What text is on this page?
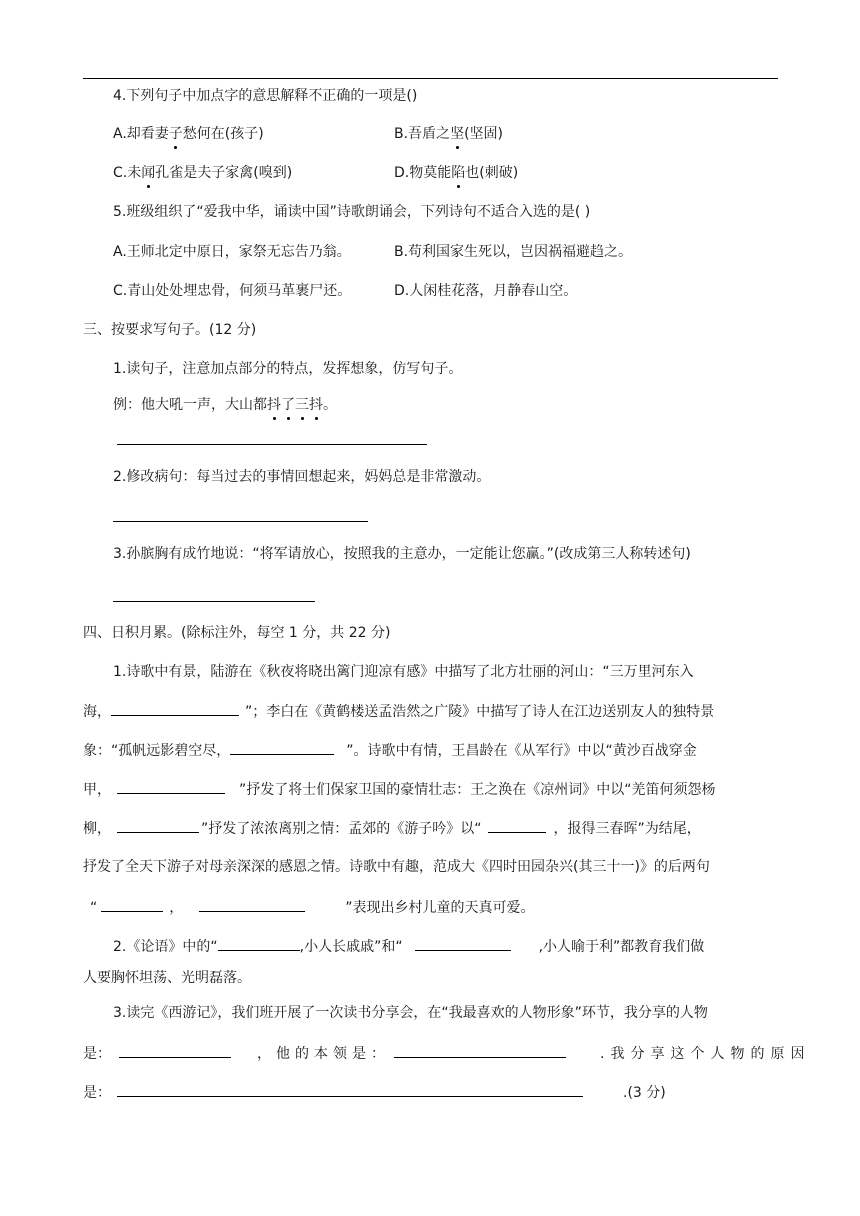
4.下列句子中加点字的意思解释不正确的一项是()
A.却看妻子愁何在(孩子)	B.吾盾之坚(坚固)
C.未闻孔雀是夫子家禽(嗅到)	D.物莫能陷也(刺破)
5.班级组织了“爱我中华，诵读中国”诗歌朗诵会，下列诗句不适合入选的是( )
A.王师北定中原日，家祭无忘告乃翁。	B.苟利国家生死以，岂因祸福避趋之。
C.青山处处埋忠骨，何须马革裹尸还。	D.人闲桂花落，月静春山空。
三、按要求写句子。(12 分)
1.读句子，注意加点部分的特点，发挥想象，仿写句子。
例：他大吼一声，大山都抖了三抖。
2.修改病句：每当过去的事情回想起来，妈妈总是非常激动。
3.孙膑胸有成竹地说：“将军请放心，按照我的主意办，一定能让您赢。”(改成第三人称转述句)
四、日积月累。(除标注外，每空 1 分，共 22 分)
1.诗歌中有景，陆游在《秋夜将晓出篱门迎凉有感》中描写了北方壮丽的河山：“三万里河东入
海，	”；李白在《黄鹤楼送孟浩然之广陵》中描写了诗人在江边送别友人的独特景
象：“孤帆远影碧空尽，	”。诗歌中有情，王昌龄在《从军行》中以“黄沙百战穿金
甲，	”抒发了将士们保家卫国的豪情壮志：王之涣在《凉州词》中以“羌笛何须怨杨
柳，	”抒发了浓浓离别之情：孟郊的《游子吟》以“	，报得三春晖”为结尾，
抒发了全天下游子对母亲深深的感恩之情。诗歌中有趣，范成大《四时田园杂兴(其三十一)》的后两句
“	，	”表现出乡村儿童的天真可爱。
2.《论语》中的“	,小人长戚戚”和“	,小人喻于利”都教育我们做
人要胸怀坦荡、光明磊落。
3.读完《西游记》，我们班开展了一次读书分享会，在“我最喜欢的人物形象”环节，我分享的人物
是：	，他的本领是：	.我分享这个人物的原因
是：	.(3 分)
